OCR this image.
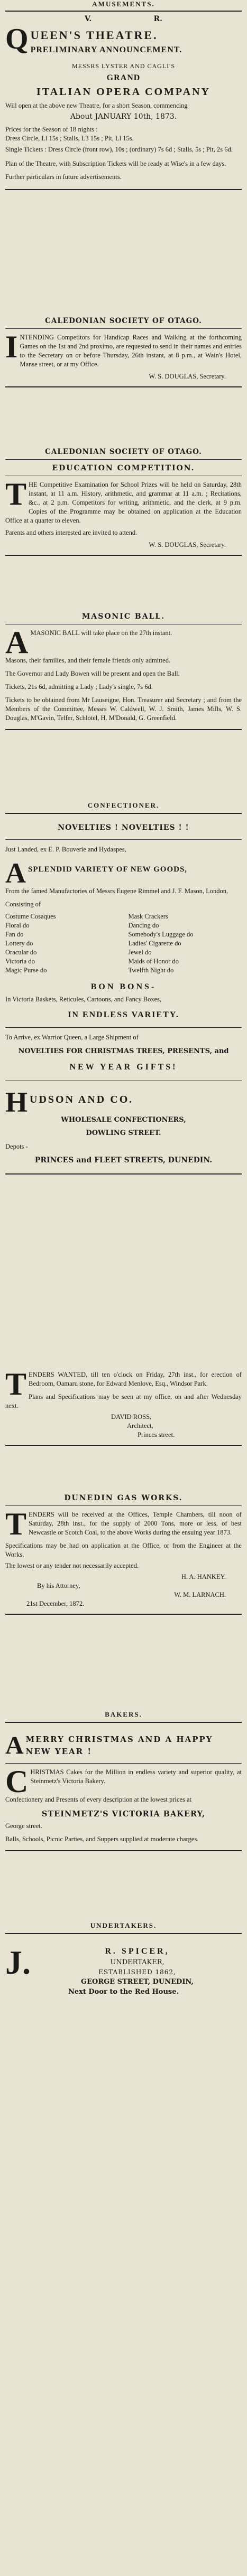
AMUSEMENTS.
V.	R.
Q UEEN'S THEATRE.
PRELIMINARY ANNOUNCEMENT.
MESSRS LYSTER AND CAGLI'S
GRAND
ITALIAN OPERA COMPANY

Will open at the above new Theatre, for a short Season, commencing

About JANUARY 10th, 1873.

Prices for the Season of 18 nights :

Dress Circle, Ll 15s ; Stalls, L3 15s ; Pit, Ll 15s.

Single Tickets : Dress Circle (front row), 10s ; (ordinary) 7s 6d ; Stalls, 5s ; Pit, 2s 6d.

Plan of the Theatre, with Subscription Tickets will be ready at Wise's in a few days.

Further particulars in future advertisements.

CALEDONIAN SOCIETY OF OTAGO.
I NTENDING Competitors for Handicap Races and Walking at the forthcoming Games on the 1st and 2nd proximo, are requested to send in their names and entries to the Secretary on or before Thursday, 26th instant, at 8 p.m., at Wain's Hotel, Manse street, or at my Office.

W. S. DOUGLAS, Secretary.

CALEDONIAN SOCIETY OF OTAGO.
EDUCATION COMPETITION.
T HE Competitive Examination for School Prizes will be held on Saturday, 28th instant, at 11 a.m. History, arithmetic, and grammar at 11 a.m. ; Recitations, &c., at 2 p.m. Competitors for writing, arithmetic, and the clerk, at 9 p.m. Copies of the Programme may be obtained on application at the Education Office at a quarter to eleven.

Parents and others interested are invited to attend.

W. S. DOUGLAS, Secretary.

MASONIC BALL.
A MASONIC BALL will take place on the 27th instant.

Masons, their families, and their female friends only admitted.

The Governor and Lady Bowen will be present and open the Ball.

Tickets, 21s 6d, admitting a Lady ; Lady's single, 7s 6d.

Tickets to be obtained from Mr Lauseigne, Hon. Treasurer and Secretary ; and from the Members of the Committee, Messrs W. Caldwell, W. J. Smith, James Mills, W. S. Douglas, M'Gavin, Telfer, Schlotel, H. M'Donald, G. Greenfield.

CONFECTIONER.
NOVELTIES ! NOVELTIES ! !

Just Landed, ex E. P. Bouverie and Hydaspes,

A SPLENDID VARIETY OF NEW GOODS,

From the famed Manufactories of Messrs Eugene Rimmel and J. F. Mason, London,

Consisting of

Costume Cosaques
Floral do
Fan do
Lottery do
Oracular do
Victoria do
Magic Purse do
Mask Crackers
Dancing do
Somebody's Luggage do
Ladies' Cigarette do
Jewel do
Maids of Honor do
Twelfth Night do
BON BONS-

In Victoria Baskets, Reticules, Cartoons, and Fancy Boxes,

IN ENDLESS VARIETY.

To Arrive, ex Warrior Queen, a Large Shipment of

NOVELTIES FOR CHRISTMAS TREES, PRESENTS, and
NEW YEAR GIFTS!
H UDSON AND CO.
WHOLESALE CONFECTIONERS,
DOWLING STREET.

Depots -

PRINCES and FLEET STREETS, DUNEDIN.
T ENDERS WANTED, till ten o'clock on Friday, 27th inst., for erection of Bedroom, Oamaru stone, for Edward Menlove, Esq., Windsor Park.

Plans and Specifications may be seen at my office, on and after Wednesday next.

DAVID ROSS,

Architect,

Princes street.

DUNEDIN GAS WORKS.
T ENDERS will be received at the Offices, Temple Chambers, till noon of Saturday, 28th inst., for the supply of 2000 Tons, more or less, of best Newcastle or Scotch Coal, to the above Works during the ensuing year 1873.

Specifications may be had on application at the Office, or from the Engineer at the Works.

The lowest or any tender not necessarily accepted.

H. A. HANKEY.

By his Attorney,

W. M. LARNACH.

21st December, 1872.

BAKERS.
A MERRY CHRISTMAS AND A HAPPY NEW YEAR !
C HRISTMAS Cakes for the Million in endless variety and superior quality, at Steinmetz's Victoria Bakery.

Confectionery and Presents of every description at the lowest prices at

STEINMETZ'S VICTORIA BAKERY,

George street.

Balls, Schools, Picnic Parties, and Suppers supplied at moderate charges.

UNDERTAKERS.
J.	R. SPICER,
UNDERTAKER,
ESTABLISHED 1862,
GEORGE STREET, DUNEDIN,
Next Door to the Red House.
